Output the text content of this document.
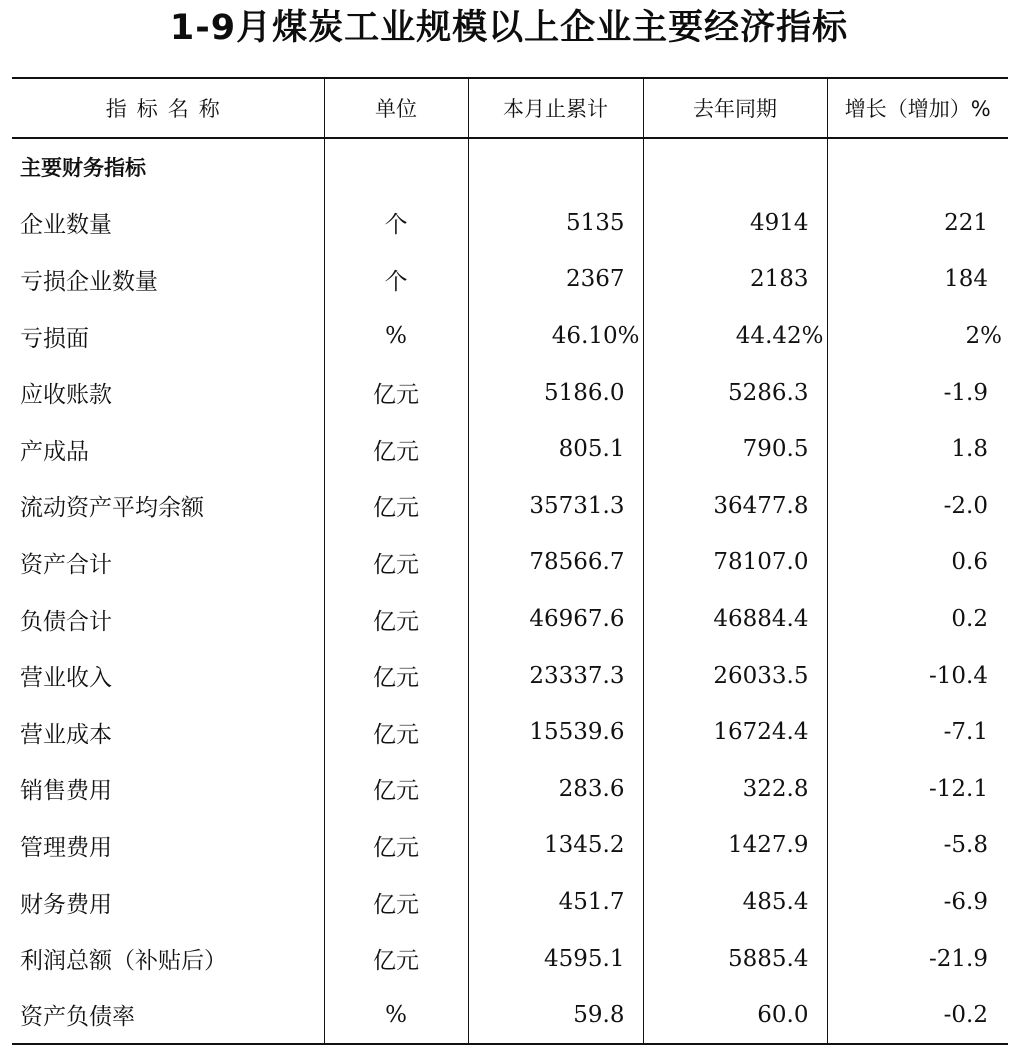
1-9月煤炭工业规模以上企业主要经济指标
指标名称	单位	本月止累计	去年同期	增长（增加）%
主要财务指标				
企业数量	个	5135	4914	221
亏损企业数量	个	2367	2183	184
亏损面	%	46.10%	44.42%	2%
应收账款	亿元	5186.0	5286.3	-1.9
产成品	亿元	805.1	790.5	1.8
流动资产平均余额	亿元	35731.3	36477.8	-2.0
资产合计	亿元	78566.7	78107.0	0.6
负债合计	亿元	46967.6	46884.4	0.2
营业收入	亿元	23337.3	26033.5	-10.4
营业成本	亿元	15539.6	16724.4	-7.1
销售费用	亿元	283.6	322.8	-12.1
管理费用	亿元	1345.2	1427.9	-5.8
财务费用	亿元	451.7	485.4	-6.9
利润总额（补贴后）	亿元	4595.1	5885.4	-21.9
资产负债率	%	59.8	60.0	-0.2
